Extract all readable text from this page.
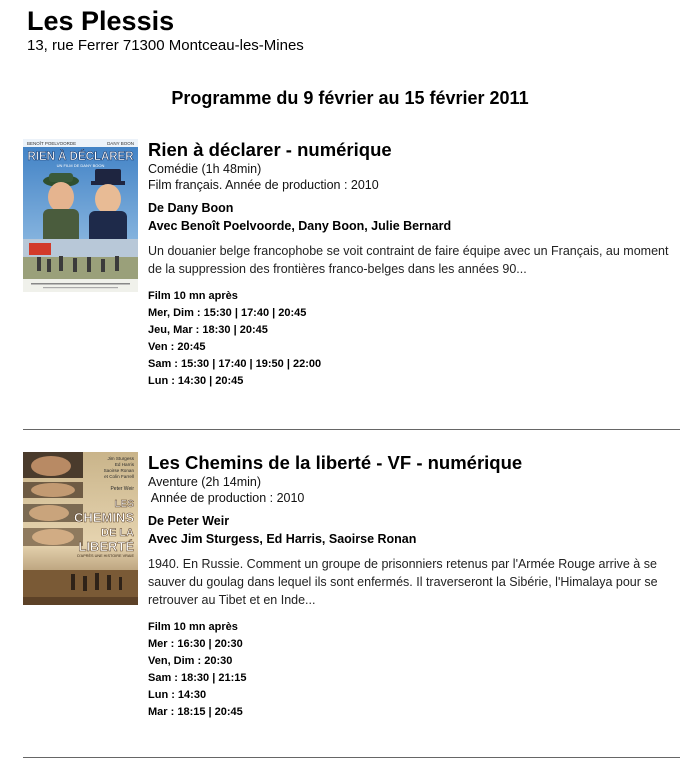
Les Plessis
13, rue Ferrer 71300 Montceau-les-Mines
Programme du 9 février au 15 février 2011
BENOÎT POELVOORDE	DANY BOON
RIEN À DÉCLARER
UN FILM DE DANY BOON
Rien à déclarer - numérique
Comédie (1h 48min)
Film français. Année de production : 2010
De Dany Boon
Avec Benoît Poelvoorde, Dany Boon, Julie Bernard
Un douanier belge francophobe se voit contraint de faire équipe avec un Français, au moment de la suppression des frontières franco-belges dans les années 90...
Film 10 mn après
Mer, Dim : 15:30 | 17:40 | 20:45
Jeu, Mar : 18:30 | 20:45
Ven : 20:45
Sam : 15:30 | 17:40 | 19:50 | 22:00
Lun : 14:30 | 20:45
Jim Sturgess
Ed Harris
Saoirse Ronan
et Colin Farrell
Peter Weir
LES
CHEMINS
DE LA
LIBERTÉ
D'APRÈS UNE HISTOIRE VRAIE
Les Chemins de la liberté - VF - numérique
Aventure (2h 14min)
Année de production : 2010
De Peter Weir
Avec Jim Sturgess, Ed Harris, Saoirse Ronan
1940. En Russie. Comment un groupe de prisonniers retenus par l'Armée Rouge arrive à se sauver du goulag dans lequel ils sont enfermés. Il traverseront la Sibérie, l'Himalaya pour se retrouver au Tibet et en Inde...
Film 10 mn après
Mer : 16:30 | 20:30
Ven, Dim : 20:30
Sam : 18:30 | 21:15
Lun : 14:30
Mar : 18:15 | 20:45
